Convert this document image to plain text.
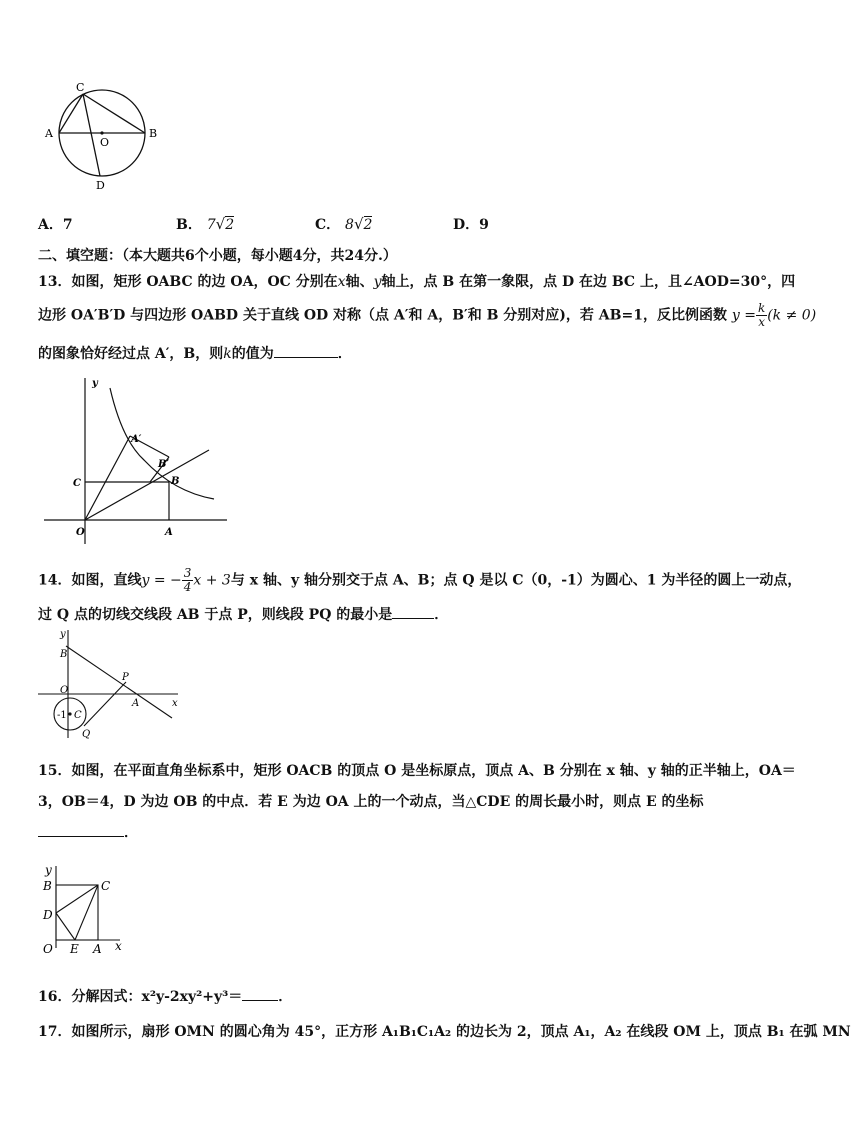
C
A	B
O
D
A．7	B． 7√2	C． 8√2	D．9
二、填空题：（本大题共6个小题，每小题4分，共24分.）
13．如图，矩形 OABC 的边 OA，OC 分别在x轴、y轴上，点 B 在第一象限，点 D 在边 BC 上，且∠AOD=30°，四
边形 OA′B′D 与四边形 OABD 关于直线 OD 对称（点 A′和 A，B′和 B 分别对应)，若 AB=1，反比例函数 $y = \frac{k}{x} (k \ne 0)$
的图象恰好经过点 A′，B，则k的值为	．
y
A′
B′
C	B
O	A
14．如图，直线y = − $\frac{3}{4}$ x + 3与 x 轴、y 轴分别交于点 A、B；点 Q 是以 C（0，-1）为圆心、1 为半径的圆上一动点，
过 Q 点的切线交线段 AB 于点 P，则线段 PQ 的最小是	．
y
B
P
O
A	x
-1 C
Q
15．如图，在平面直角坐标系中，矩形 OACB 的顶点 O 是坐标原点，顶点 A、B 分别在 x 轴、y 轴的正半轴上，OA＝
3，OB＝4，D 为边 OB 的中点．若 E 为边 OA 上的一个动点，当△CDE 的周长最小时，则点 E 的坐标
．
y
B	C
D
O E A x
16．分解因式：x²y-2xy²+y³＝	．
17．如图所示，扇形 OMN 的圆心角为 45°，正方形 A₁B₁C₁A₂ 的边长为 2，顶点 A₁，A₂ 在线段 OM 上，顶点 B₁ 在弧 MN
